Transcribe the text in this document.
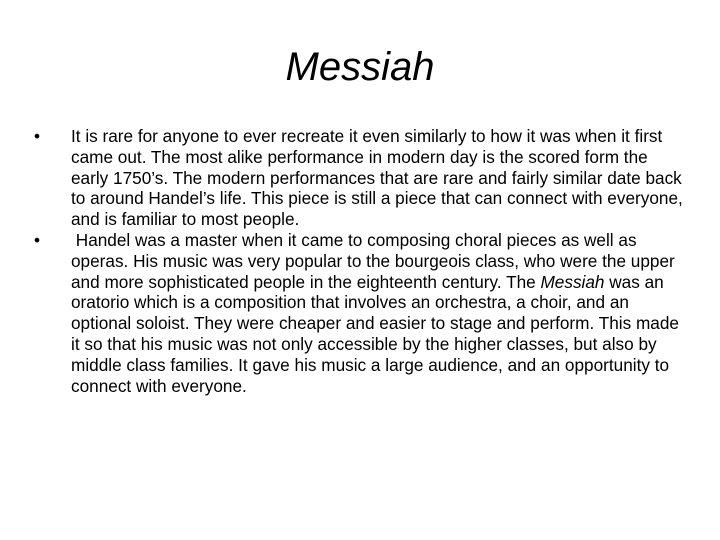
Messiah
•	It is rare for anyone to ever recreate it even similarly to how it was when it first came out. The most alike performance in modern day is the scored form the early 1750’s. The modern performances that are rare and fairly similar date back to around Handel’s life. This piece is still a piece that can connect with everyone, and is familiar to most people.
•	Handel was a master when it came to composing choral pieces as well as operas. His music was very popular to the bourgeois class, who were the upper and more sophisticated people in the eighteenth century. The Messiah was an oratorio which is a composition that involves an orchestra, a choir, and an optional soloist. They were cheaper and easier to stage and perform. This made it so that his music was not only accessible by the higher classes, but also by middle class families. It gave his music a large audience, and an opportunity to connect with everyone.
